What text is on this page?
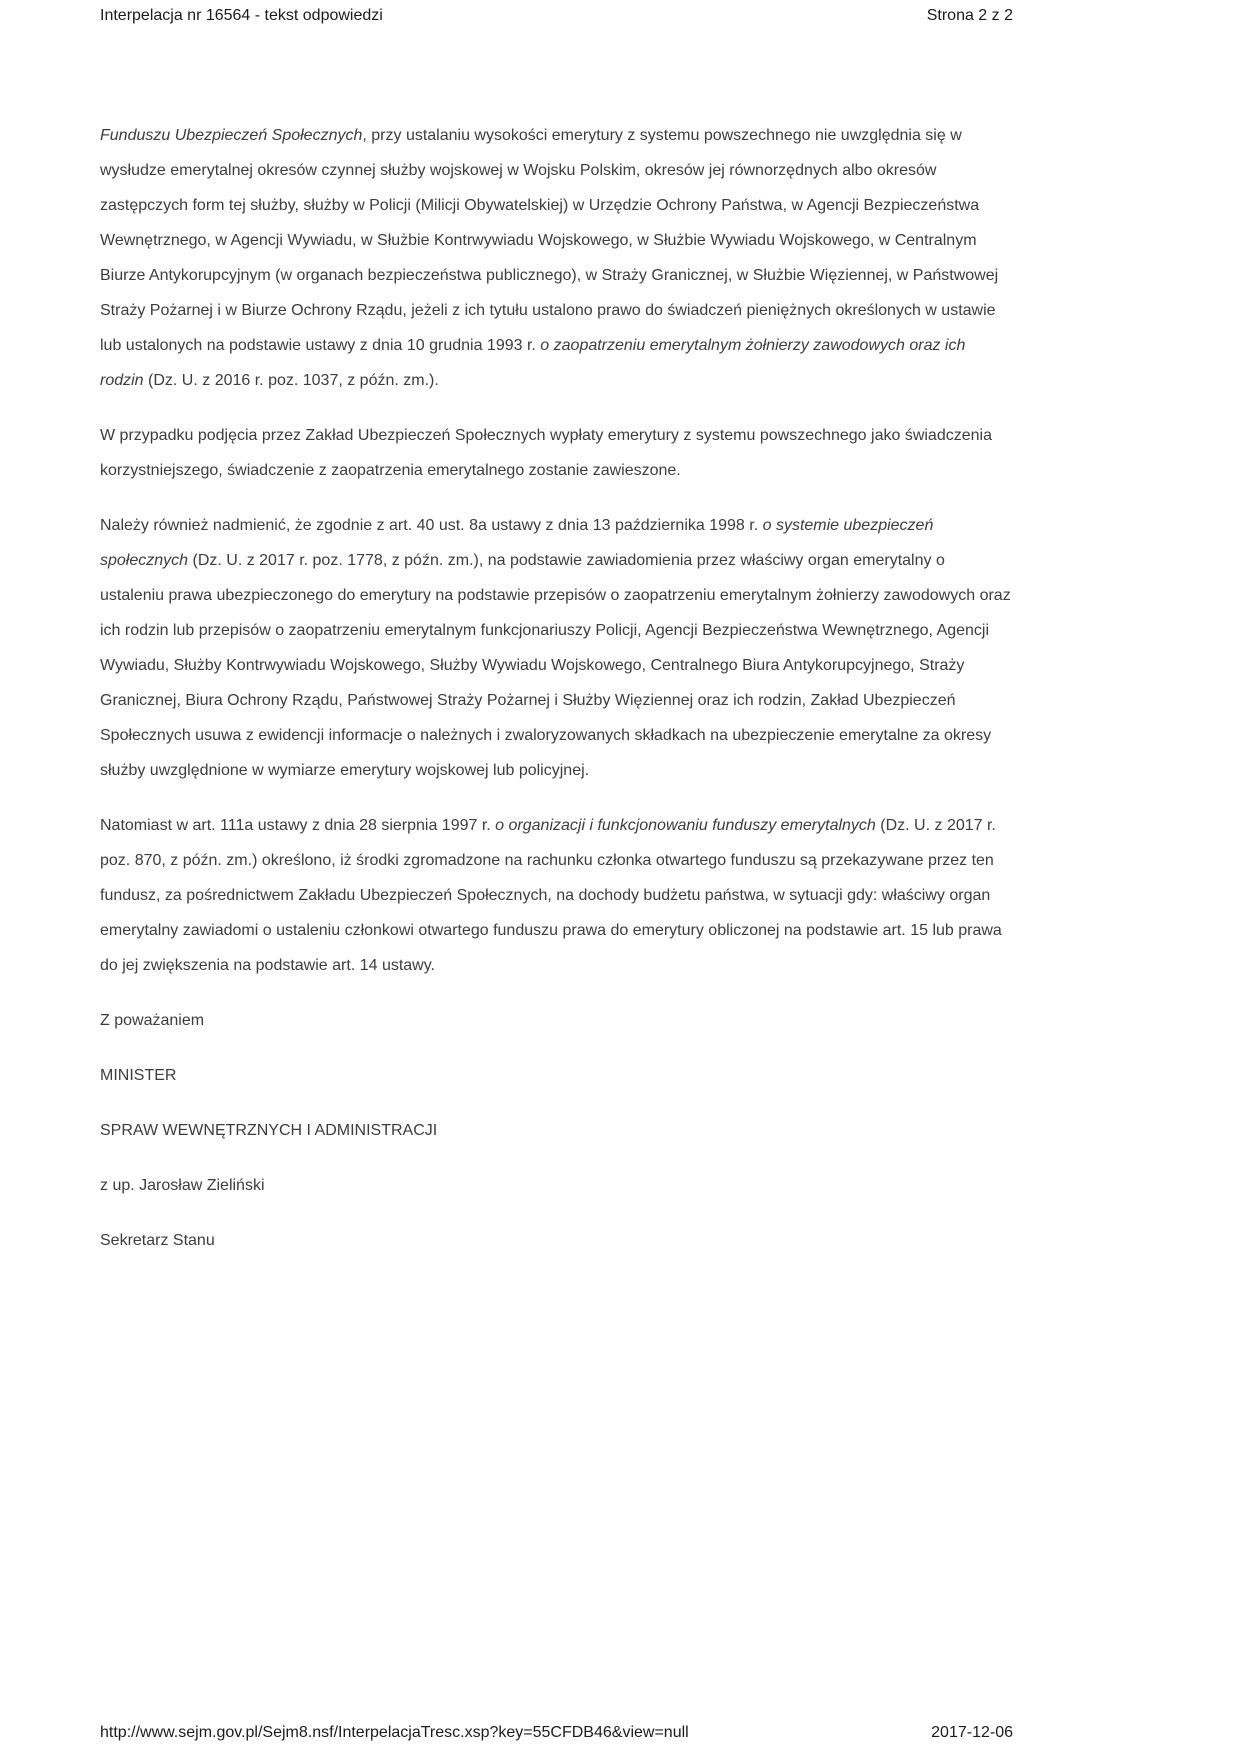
Interpelacja nr 16564 - tekst odpowiedzi	Strona 2 z 2

Funduszu Ubezpieczeń Społecznych, przy ustalaniu wysokości emerytury z systemu powszechnego nie uwzględnia się w wysłudze emerytalnej okresów czynnej służby wojskowej w Wojsku Polskim, okresów jej równorzędnych albo okresów zastępczych form tej służby, służby w Policji (Milicji Obywatelskiej) w Urzędzie Ochrony Państwa, w Agencji Bezpieczeństwa Wewnętrznego, w Agencji Wywiadu, w Służbie Kontrwywiadu Wojskowego, w Służbie Wywiadu Wojskowego, w Centralnym Biurze Antykorupcyjnym (w organach bezpieczeństwa publicznego), w Straży Granicznej, w Służbie Więziennej, w Państwowej Straży Pożarnej i w Biurze Ochrony Rządu, jeżeli z ich tytułu ustalono prawo do świadczeń pieniężnych określonych w ustawie lub ustalonych na podstawie ustawy z dnia 10 grudnia 1993 r. o zaopatrzeniu emerytalnym żołnierzy zawodowych oraz ich rodzin (Dz. U. z 2016 r. poz. 1037, z późn. zm.).

W przypadku podjęcia przez Zakład Ubezpieczeń Społecznych wypłaty emerytury z systemu powszechnego jako świadczenia korzystniejszego, świadczenie z zaopatrzenia emerytalnego zostanie zawieszone.

Należy również nadmienić, że zgodnie z art. 40 ust. 8a ustawy z dnia 13 października 1998 r. o systemie ubezpieczeń społecznych (Dz. U. z 2017 r. poz. 1778, z późn. zm.), na podstawie zawiadomienia przez właściwy organ emerytalny o ustaleniu prawa ubezpieczonego do emerytury na podstawie przepisów o zaopatrzeniu emerytalnym żołnierzy zawodowych oraz ich rodzin lub przepisów o zaopatrzeniu emerytalnym funkcjonariuszy Policji, Agencji Bezpieczeństwa Wewnętrznego, Agencji Wywiadu, Służby Kontrwywiadu Wojskowego, Służby Wywiadu Wojskowego, Centralnego Biura Antykorupcyjnego, Straży Granicznej, Biura Ochrony Rządu, Państwowej Straży Pożarnej i Służby Więziennej oraz ich rodzin, Zakład Ubezpieczeń Społecznych usuwa z ewidencji informacje o należnych i zwaloryzowanych składkach na ubezpieczenie emerytalne za okresy służby uwzględnione w wymiarze emerytury wojskowej lub policyjnej.

Natomiast w art. 111a ustawy z dnia 28 sierpnia 1997 r. o organizacji i funkcjonowaniu funduszy emerytalnych (Dz. U. z 2017 r. poz. 870, z późn. zm.) określono, iż środki zgromadzone na rachunku członka otwartego funduszu są przekazywane przez ten fundusz, za pośrednictwem Zakładu Ubezpieczeń Społecznych, na dochody budżetu państwa, w sytuacji gdy: właściwy organ emerytalny zawiadomi o ustaleniu członkowi otwartego funduszu prawa do emerytury obliczonej na podstawie art. 15 lub prawa do jej zwiększenia na podstawie art. 14 ustawy.

Z poważaniem

MINISTER

SPRAW WEWNĘTRZNYCH I ADMINISTRACJI

z up. Jarosław Zieliński

Sekretarz Stanu

http://www.sejm.gov.pl/Sejm8.nsf/InterpelacjaTresc.xsp?key=55CFDB46&view=null	2017-12-06
